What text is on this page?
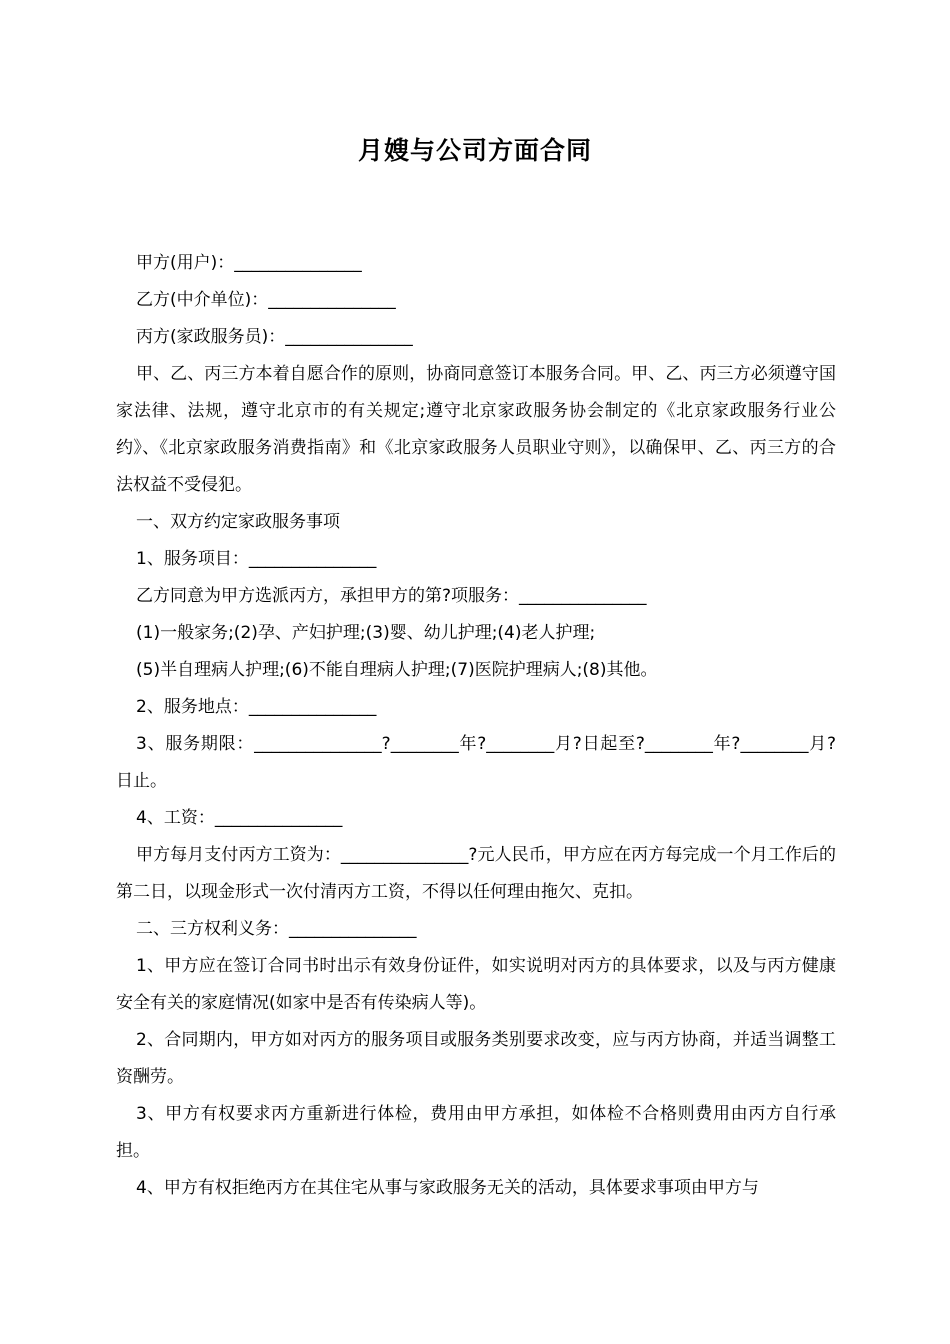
月嫂与公司方面合同

甲方(用户)：_______________

乙方(中介单位)：_______________

丙方(家政服务员)：_______________

甲、乙、丙三方本着自愿合作的原则，协商同意签订本服务合同。甲、乙、丙三方必须遵守国家法律、法规，遵守北京市的有关规定;遵守北京家政服务协会制定的《北京家政服务行业公约》、《北京家政服务消费指南》和《北京家政服务人员职业守则》，以确保甲、乙、丙三方的合法权益不受侵犯。

一、双方约定家政服务事项

1、服务项目：_______________

乙方同意为甲方选派丙方，承担甲方的第?项服务：_______________

(1)一般家务;(2)孕、产妇护理;(3)婴、幼儿护理;(4)老人护理;

(5)半自理病人护理;(6)不能自理病人护理;(7)医院护理病人;(8)其他。

2、服务地点：_______________

3、服务期限：_______________?________年?________月?日起至?________年?________月?日止。

4、工资：_______________

甲方每月支付丙方工资为：_______________?元人民币，甲方应在丙方每完成一个月工作后的第二日，以现金形式一次付清丙方工资，不得以任何理由拖欠、克扣。

二、三方权利义务：_______________

1、甲方应在签订合同书时出示有效身份证件，如实说明对丙方的具体要求，以及与丙方健康安全有关的家庭情况(如家中是否有传染病人等)。

2、合同期内，甲方如对丙方的服务项目或服务类别要求改变，应与丙方协商，并适当调整工资酬劳。

3、甲方有权要求丙方重新进行体检，费用由甲方承担，如体检不合格则费用由丙方自行承担。

4、甲方有权拒绝丙方在其住宅从事与家政服务无关的活动，具体要求事项由甲方与
